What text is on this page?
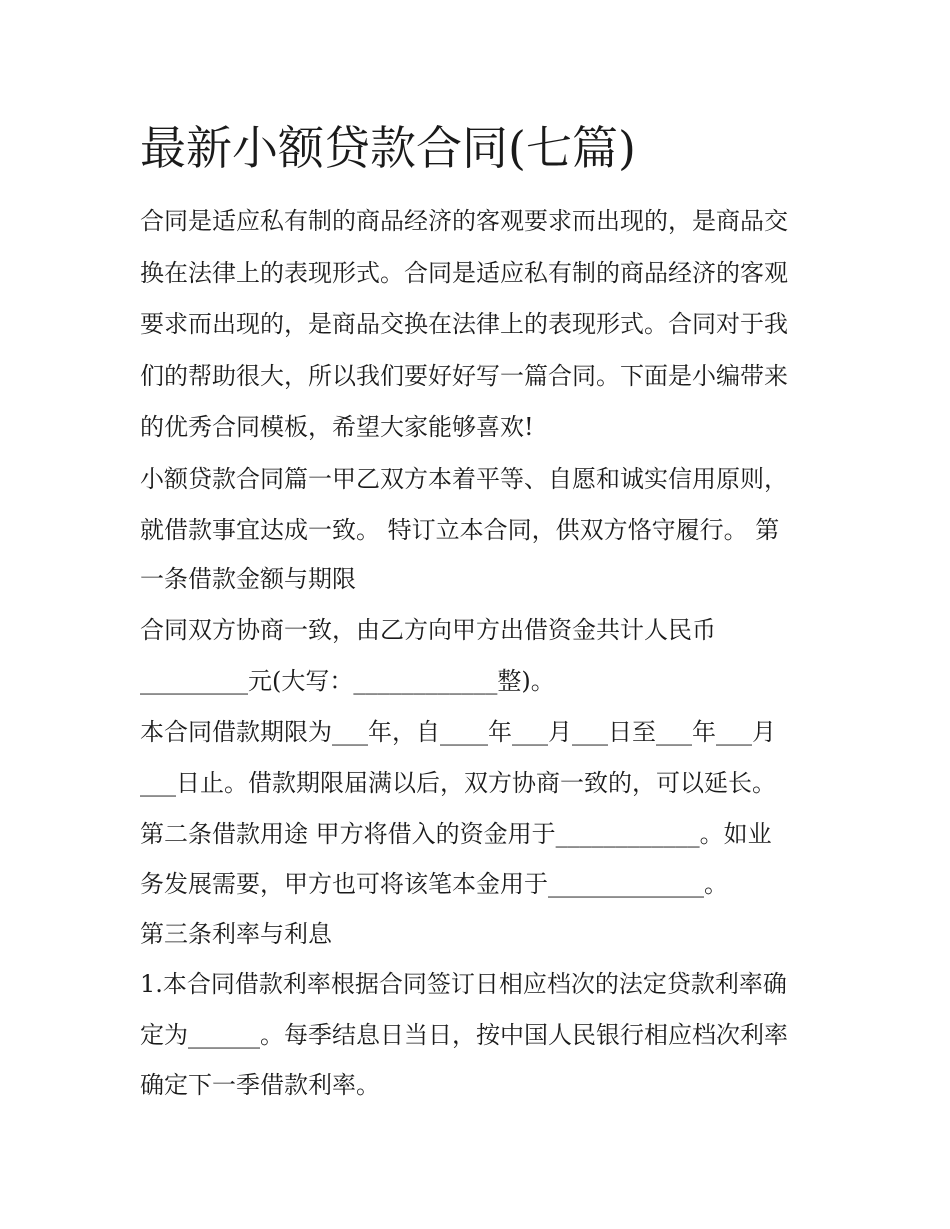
最新小额贷款合同(七篇)

合同是适应私有制的商品经济的客观要求而出现的，是商品交

换在法律上的表现形式。合同是适应私有制的商品经济的客观

要求而出现的，是商品交换在法律上的表现形式。合同对于我

们的帮助很大，所以我们要好好写一篇合同。下面是小编带来

的优秀合同模板，希望大家能够喜欢!

小额贷款合同篇一甲乙双方本着平等、自愿和诚实信用原则，

就借款事宜达成一致。 特订立本合同，供双方恪守履行。 第

一条借款金额与期限

合同双方协商一致，由乙方向甲方出借资金共计人民币

_________元(大写：____________整)。

本合同借款期限为___年，自____年___月___日至___年___月

___日止。借款期限届满以后，双方协商一致的，可以延长。

第二条借款用途 甲方将借入的资金用于____________。如业

务发展需要，甲方也可将该笔本金用于_____________。

第三条利率与利息

1.本合同借款利率根据合同签订日相应档次的法定贷款利率确

定为______。每季结息日当日，按中国人民银行相应档次利率

确定下一季借款利率。
